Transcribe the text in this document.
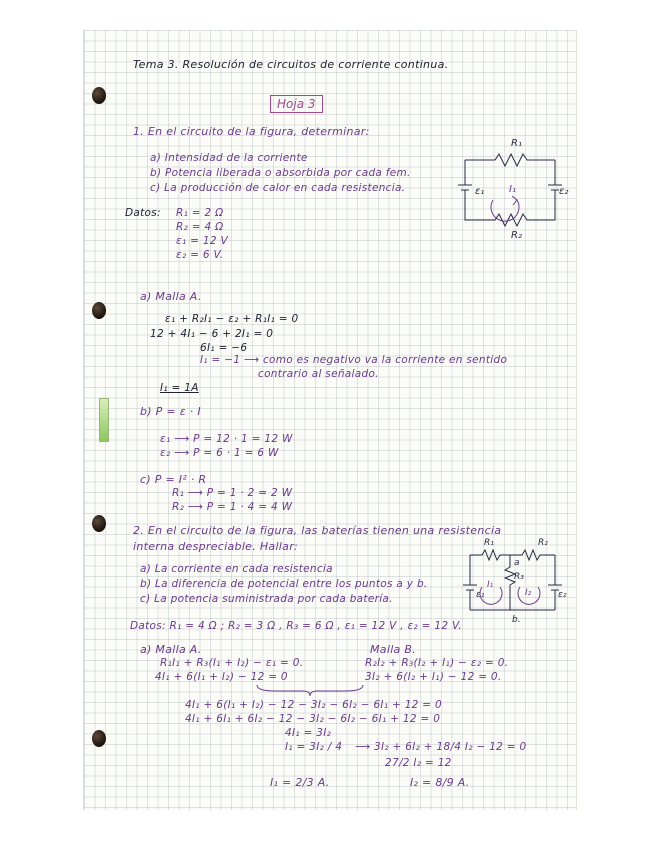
Tema 3. Resolución de circuitos de corriente continua.
Hoja 3
1. En el circuito de la figura, determinar:
a) Intensidad de la corriente
b) Potencia liberada o absorbida por cada fem.
c) La producción de calor en cada resistencia.
R₁
R₂
ε₁	ε₂
I₁
Datos: R₁ = 2 Ω
R₂ = 4 Ω
ε₁ = 12 V
ε₂ = 6 V.
a) Malla A.
ε₁ + R₂I₁ − ε₂ + R₁I₁ = 0
12 + 4I₁ − 6 + 2I₁ = 0
6I₁ = −6
I₁ = −1 ⟶ como es negativo va la corriente en sentido
contrario al señalado.
I₁ = 1A
b) P = ε · I
ε₁ ⟶ P = 12 · 1 = 12 W
ε₂ ⟶ P = 6 · 1 = 6 W
c) P = I² · R
R₁ ⟶ P = 1 · 2 = 2 W
R₂ ⟶ P = 1 · 4 = 4 W
2. En el circuito de la figura, las baterías tienen una resistencia
interna despreciable. Hallar:
a) La corriente en cada resistencia
b) La diferencia de potencial entre los puntos a y b.
c) La potencia suministrada por cada batería.
R₁	R₂
R₃
ε₁	ε₂
I₁
I₂
a
b.
Datos: R₁ = 4 Ω ; R₂ = 3 Ω , R₃ = 6 Ω , ε₁ = 12 V , ε₂ = 12 V.
a) Malla A.	Malla B.
R₁I₁ + R₃(I₁ + I₂) − ε₁ = 0.
4I₁ + 6(I₁ + I₂) − 12 = 0
R₂I₂ + R₃(I₂ + I₁) − ε₂ = 0.
3I₂ + 6(I₂ + I₁) − 12 = 0.
4I₁ + 6(I₁ + I₂) − 12 − 3I₂ − 6I₂ − 6I₁ + 12 = 0
4I₁ + 6I₁ + 6I₂ − 12 − 3I₂ − 6I₂ − 6I₁ + 12 = 0
4I₁ = 3I₂
I₁ = 3I₂ / 4 ⟶ 3I₂ + 6I₂ + 18/4 I₂ − 12 = 0
27/2 I₂ = 12
I₁ = 2/3 A.	I₂ = 8/9 A.
